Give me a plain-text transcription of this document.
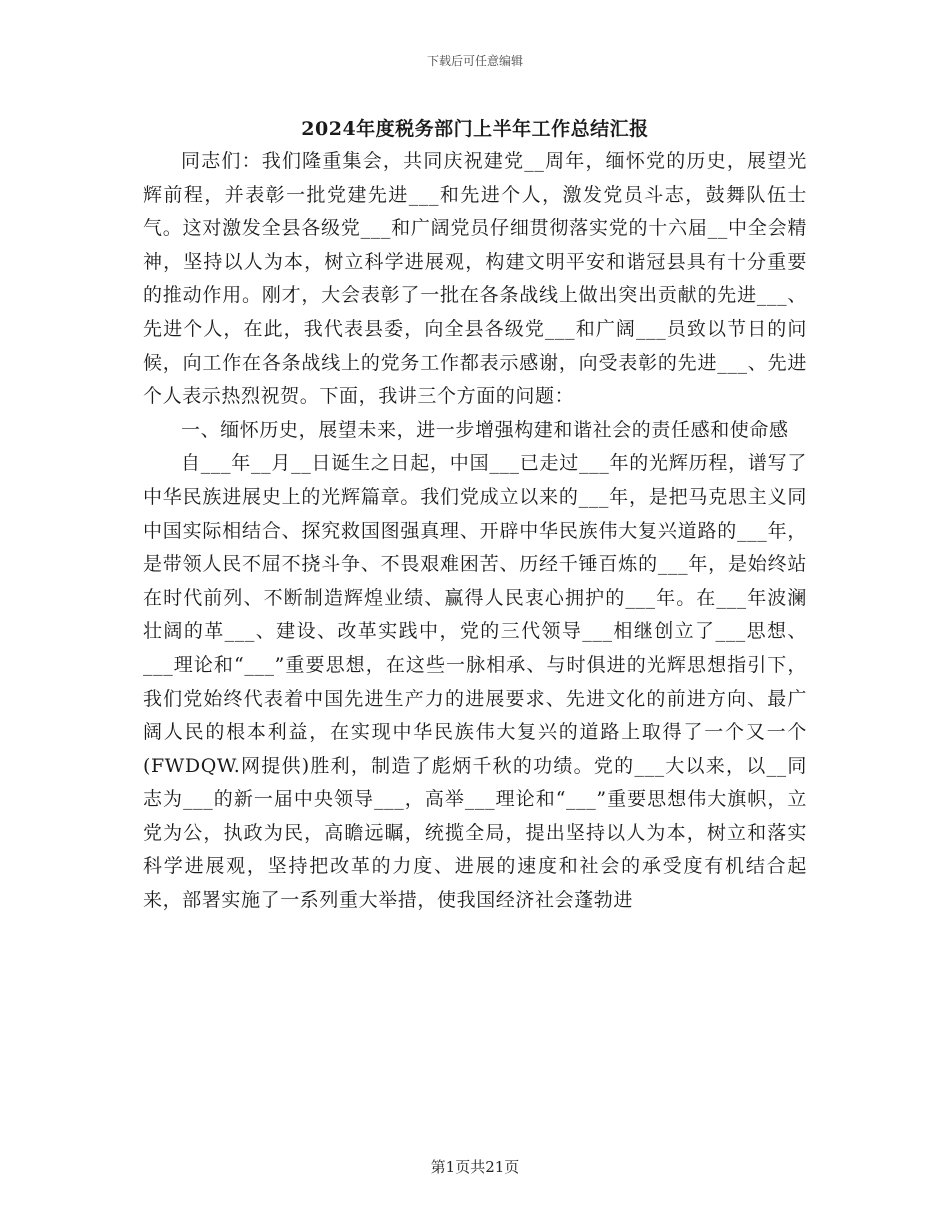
下载后可任意编辑
2024年度税务部门上半年工作总结汇报

同志们：我们隆重集会，共同庆祝建党__周年，缅怀党的历史，展望光辉前程，并表彰一批党建先进___和先进个人，激发党员斗志，鼓舞队伍士气。这对激发全县各级党___和广阔党员仔细贯彻落实党的十六届__中全会精神，坚持以人为本，树立科学进展观，构建文明平安和谐冠县具有十分重要的推动作用。刚才，大会表彰了一批在各条战线上做出突出贡献的先进___、先进个人，在此，我代表县委，向全县各级党___和广阔___员致以节日的问候，向工作在各条战线上的党务工作都表示感谢，向受表彰的先进___、先进个人表示热烈祝贺。下面，我讲三个方面的问题：

一、缅怀历史，展望未来，进一步增强构建和谐社会的责任感和使命感

自___年__月__日诞生之日起，中国___已走过___年的光辉历程，谱写了中华民族进展史上的光辉篇章。我们党成立以来的___年，是把马克思主义同中国实际相结合、探究救国图强真理、开辟中华民族伟大复兴道路的___年，是带领人民不屈不挠斗争、不畏艰难困苦、历经千锤百炼的___年，是始终站在时代前列、不断制造辉煌业绩、赢得人民衷心拥护的___年。在___年波澜壮阔的革___、建设、改革实践中，党的三代领导___相继创立了___思想、___理论和“___”重要思想，在这些一脉相承、与时俱进的光辉思想指引下，我们党始终代表着中国先进生产力的进展要求、先进文化的前进方向、最广阔人民的根本利益，在实现中华民族伟大复兴的道路上取得了一个又一个(FWDQW.网提供)胜利，制造了彪炳千秋的功绩。党的___大以来，以__同志为___的新一届中央领导___，高举___理论和“___”重要思想伟大旗帜，立党为公，执政为民，高瞻远瞩，统揽全局，提出坚持以人为本，树立和落实科学进展观，坚持把改革的力度、进展的速度和社会的承受度有机结合起来，部署实施了一系列重大举措，使我国经济社会蓬勃进

第1页共21页
